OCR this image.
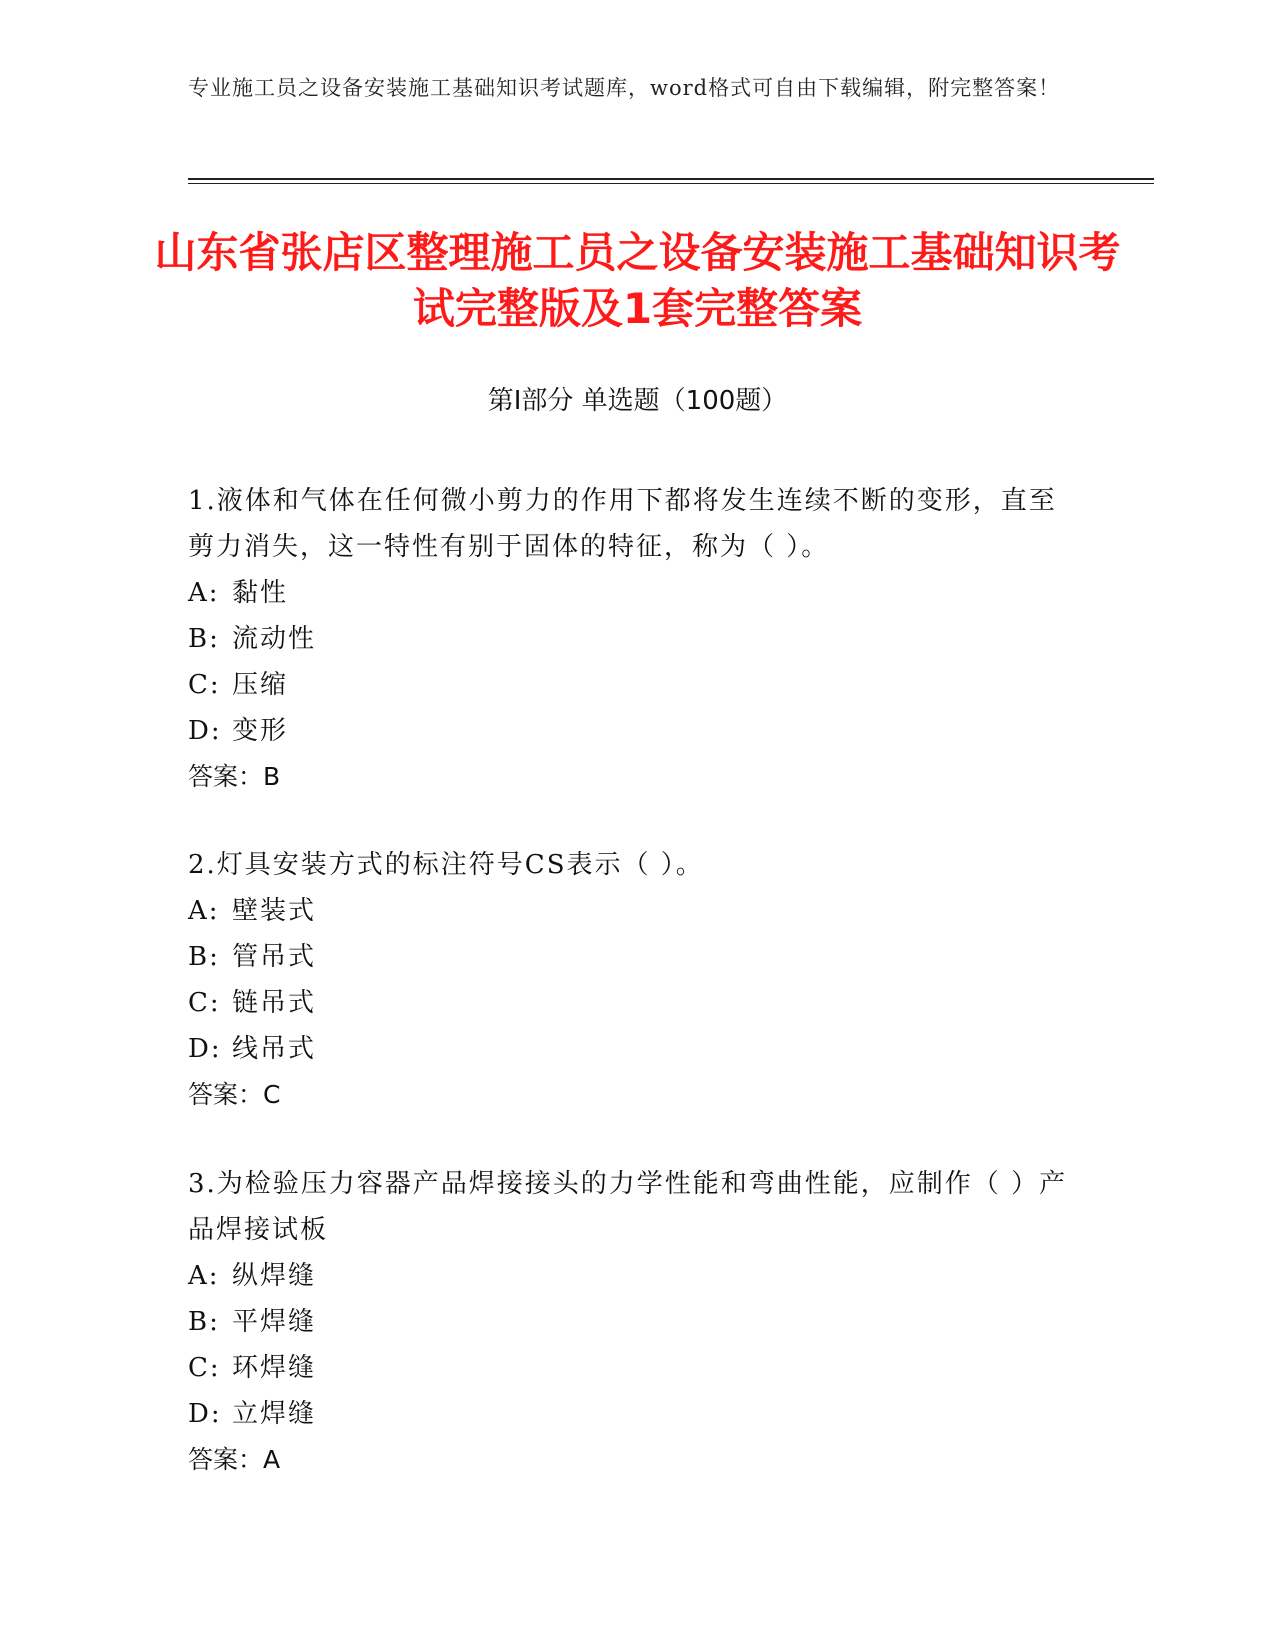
专业施工员之设备安装施工基础知识考试题库，word格式可自由下载编辑，附完整答案！
山东省张店区整理施工员之设备安装施工基础知识考试完整版及1套完整答案
第Ⅰ部分 单选题（100题）

1.液体和气体在任何微小剪力的作用下都将发生连续不断的变形，直至剪力消失，这一特性有别于固体的特征，称为（ ）。

A: 黏性

B: 流动性

C: 压缩

D: 变形

答案：B

2.灯具安装方式的标注符号CS表示（ ）。

A: 壁装式

B: 管吊式

C: 链吊式

D: 线吊式

答案：C

3.为检验压力容器产品焊接接头的力学性能和弯曲性能，应制作（ ）产品焊接试板

A: 纵焊缝

B: 平焊缝

C: 环焊缝

D: 立焊缝

答案：A
